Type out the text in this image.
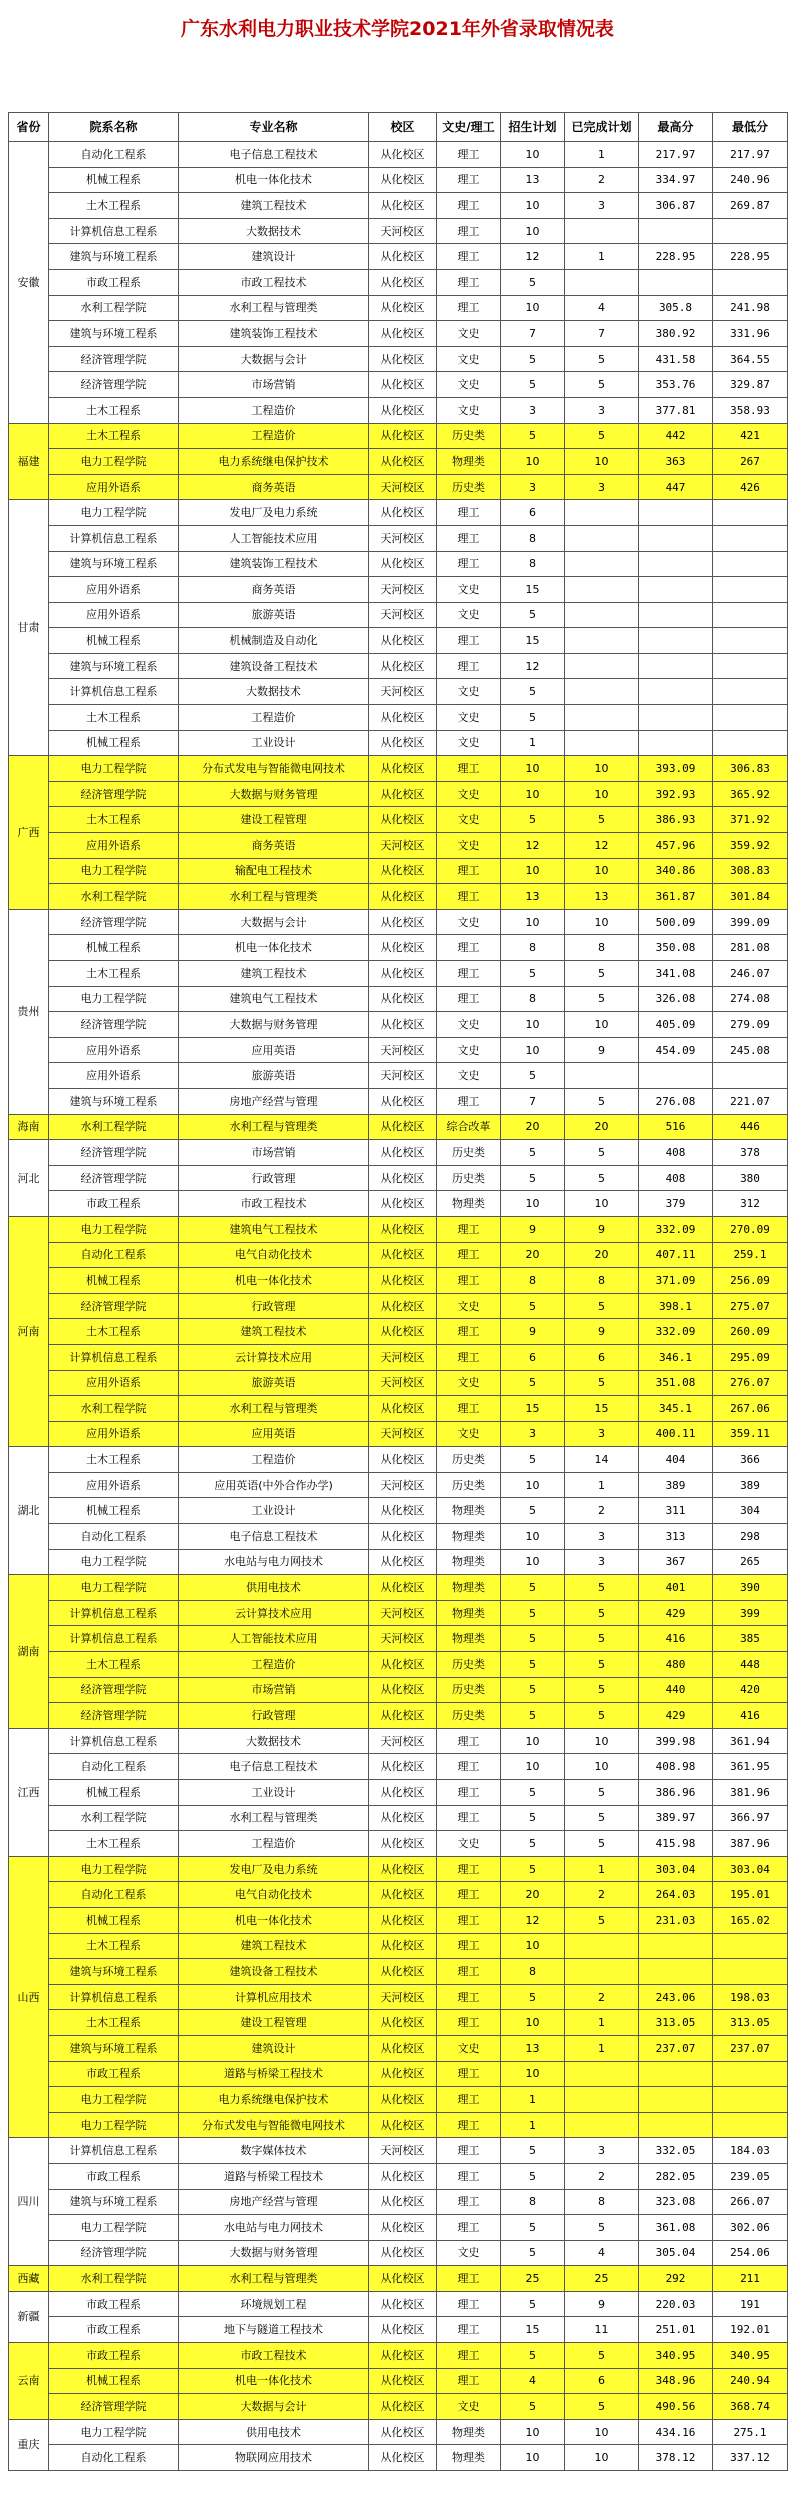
广东水利电力职业技术学院2021年外省录取情况表
省份	院系名称	专业名称	校区	文史/理工	招生计划	已完成计划	最高分	最低分
安徽	自动化工程系	电子信息工程技术	从化校区	理工	10	1	217.97	217.97
	机械工程系	机电一体化技术	从化校区	理工	13	2	334.97	240.96
	土木工程系	建筑工程技术	从化校区	理工	10	3	306.87	269.87
	计算机信息工程系	大数据技术	天河校区	理工	10			
	建筑与环境工程系	建筑设计	从化校区	理工	12	1	228.95	228.95
	市政工程系	市政工程技术	从化校区	理工	5			
	水利工程学院	水利工程与管理类	从化校区	理工	10	4	305.8	241.98
	建筑与环境工程系	建筑装饰工程技术	从化校区	文史	7	7	380.92	331.96
	经济管理学院	大数据与会计	从化校区	文史	5	5	431.58	364.55
	经济管理学院	市场营销	从化校区	文史	5	5	353.76	329.87
	土木工程系	工程造价	从化校区	文史	3	3	377.81	358.93
福建	土木工程系	工程造价	从化校区	历史类	5	5	442	421
	电力工程学院	电力系统继电保护技术	从化校区	物理类	10	10	363	267
	应用外语系	商务英语	天河校区	历史类	3	3	447	426
甘肃	电力工程学院	发电厂及电力系统	从化校区	理工	6			
	计算机信息工程系	人工智能技术应用	天河校区	理工	8			
	建筑与环境工程系	建筑装饰工程技术	从化校区	理工	8			
	应用外语系	商务英语	天河校区	文史	15			
	应用外语系	旅游英语	天河校区	文史	5			
	机械工程系	机械制造及自动化	从化校区	理工	15			
	建筑与环境工程系	建筑设备工程技术	从化校区	理工	12			
	计算机信息工程系	大数据技术	天河校区	文史	5			
	土木工程系	工程造价	从化校区	文史	5			
	机械工程系	工业设计	从化校区	文史	1			
广西	电力工程学院	分布式发电与智能微电网技术	从化校区	理工	10	10	393.09	306.83
	经济管理学院	大数据与财务管理	从化校区	文史	10	10	392.93	365.92
	土木工程系	建设工程管理	从化校区	文史	5	5	386.93	371.92
	应用外语系	商务英语	天河校区	文史	12	12	457.96	359.92
	电力工程学院	输配电工程技术	从化校区	理工	10	10	340.86	308.83
	水利工程学院	水利工程与管理类	从化校区	理工	13	13	361.87	301.84
贵州	经济管理学院	大数据与会计	从化校区	文史	10	10	500.09	399.09
	机械工程系	机电一体化技术	从化校区	理工	8	8	350.08	281.08
	土木工程系	建筑工程技术	从化校区	理工	5	5	341.08	246.07
	电力工程学院	建筑电气工程技术	从化校区	理工	8	5	326.08	274.08
	经济管理学院	大数据与财务管理	从化校区	文史	10	10	405.09	279.09
	应用外语系	应用英语	天河校区	文史	10	9	454.09	245.08
	应用外语系	旅游英语	天河校区	文史	5			
	建筑与环境工程系	房地产经营与管理	从化校区	理工	7	5	276.08	221.07
海南	水利工程学院	水利工程与管理类	从化校区	综合改革	20	20	516	446
河北	经济管理学院	市场营销	从化校区	历史类	5	5	408	378
	经济管理学院	行政管理	从化校区	历史类	5	5	408	380
	市政工程系	市政工程技术	从化校区	物理类	10	10	379	312
河南	电力工程学院	建筑电气工程技术	从化校区	理工	9	9	332.09	270.09
	自动化工程系	电气自动化技术	从化校区	理工	20	20	407.11	259.1
	机械工程系	机电一体化技术	从化校区	理工	8	8	371.09	256.09
	经济管理学院	行政管理	从化校区	文史	5	5	398.1	275.07
	土木工程系	建筑工程技术	从化校区	理工	9	9	332.09	260.09
	计算机信息工程系	云计算技术应用	天河校区	理工	6	6	346.1	295.09
	应用外语系	旅游英语	天河校区	文史	5	5	351.08	276.07
	水利工程学院	水利工程与管理类	从化校区	理工	15	15	345.1	267.06
	应用外语系	应用英语	天河校区	文史	3	3	400.11	359.11
湖北	土木工程系	工程造价	从化校区	历史类	5	14	404	366
	应用外语系	应用英语(中外合作办学)	天河校区	历史类	10	1	389	389
	机械工程系	工业设计	从化校区	物理类	5	2	311	304
	自动化工程系	电子信息工程技术	从化校区	物理类	10	3	313	298
	电力工程学院	水电站与电力网技术	从化校区	物理类	10	3	367	265
湖南	电力工程学院	供用电技术	从化校区	物理类	5	5	401	390
	计算机信息工程系	云计算技术应用	天河校区	物理类	5	5	429	399
	计算机信息工程系	人工智能技术应用	天河校区	物理类	5	5	416	385
	土木工程系	工程造价	从化校区	历史类	5	5	480	448
	经济管理学院	市场营销	从化校区	历史类	5	5	440	420
	经济管理学院	行政管理	从化校区	历史类	5	5	429	416
江西	计算机信息工程系	大数据技术	天河校区	理工	10	10	399.98	361.94
	自动化工程系	电子信息工程技术	从化校区	理工	10	10	408.98	361.95
	机械工程系	工业设计	从化校区	理工	5	5	386.96	381.96
	水利工程学院	水利工程与管理类	从化校区	理工	5	5	389.97	366.97
	土木工程系	工程造价	从化校区	文史	5	5	415.98	387.96
山西	电力工程学院	发电厂及电力系统	从化校区	理工	5	1	303.04	303.04
	自动化工程系	电气自动化技术	从化校区	理工	20	2	264.03	195.01
	机械工程系	机电一体化技术	从化校区	理工	12	5	231.03	165.02
	土木工程系	建筑工程技术	从化校区	理工	10			
	建筑与环境工程系	建筑设备工程技术	从化校区	理工	8			
	计算机信息工程系	计算机应用技术	天河校区	理工	5	2	243.06	198.03
	土木工程系	建设工程管理	从化校区	理工	10	1	313.05	313.05
	建筑与环境工程系	建筑设计	从化校区	文史	13	1	237.07	237.07
	市政工程系	道路与桥梁工程技术	从化校区	理工	10			
	电力工程学院	电力系统继电保护技术	从化校区	理工	1			
	电力工程学院	分布式发电与智能微电网技术	从化校区	理工	1			
四川	计算机信息工程系	数字媒体技术	天河校区	理工	5	3	332.05	184.03
	市政工程系	道路与桥梁工程技术	从化校区	理工	5	2	282.05	239.05
	建筑与环境工程系	房地产经营与管理	从化校区	理工	8	8	323.08	266.07
	电力工程学院	水电站与电力网技术	从化校区	理工	5	5	361.08	302.06
	经济管理学院	大数据与财务管理	从化校区	文史	5	4	305.04	254.06
西藏	水利工程学院	水利工程与管理类	从化校区	理工	25	25	292	211
新疆	市政工程系	环境规划工程	从化校区	理工	5	9	220.03	191
	市政工程系	地下与隧道工程技术	从化校区	理工	15	11	251.01	192.01
云南	市政工程系	市政工程技术	从化校区	理工	5	5	340.95	340.95
	机械工程系	机电一体化技术	从化校区	理工	4	6	348.96	240.94
	经济管理学院	大数据与会计	从化校区	文史	5	5	490.56	368.74
重庆	电力工程学院	供用电技术	从化校区	物理类	10	10	434.16	275.1
	自动化工程系	物联网应用技术	从化校区	物理类	10	10	378.12	337.12
